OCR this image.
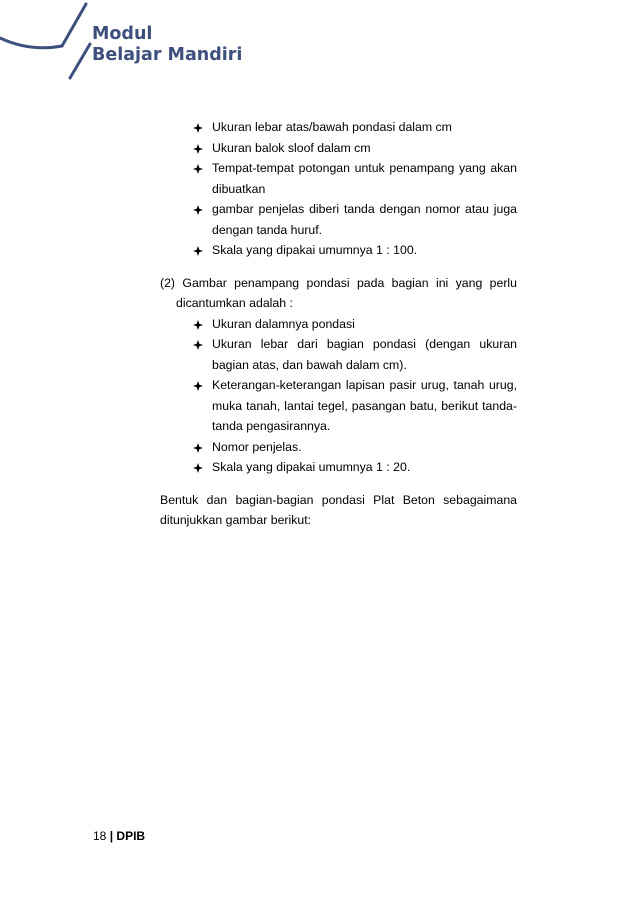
Modul
Belajar Mandiri
Ukuran lebar atas/bawah pondasi dalam cm
Ukuran balok sloof dalam cm
Tempat-tempat potongan untuk penampang yang akan dibuatkan
gambar penjelas diberi tanda dengan nomor atau juga dengan tanda huruf.
Skala yang dipakai umumnya 1 : 100.
(2) Gambar penampang pondasi pada bagian ini yang perlu dicantumkan adalah :
Ukuran dalamnya pondasi
Ukuran lebar dari bagian pondasi (dengan ukuran bagian atas, dan bawah dalam cm).
Keterangan-keterangan lapisan pasir urug, tanah urug, muka tanah, lantai tegel, pasangan batu, berikut tanda-tanda pengasirannya.
Nomor penjelas.
Skala yang dipakai umumnya 1 : 20.
Bentuk dan bagian-bagian pondasi Plat Beton sebagaimana ditunjukkan gambar berikut:
18 | DPIB
